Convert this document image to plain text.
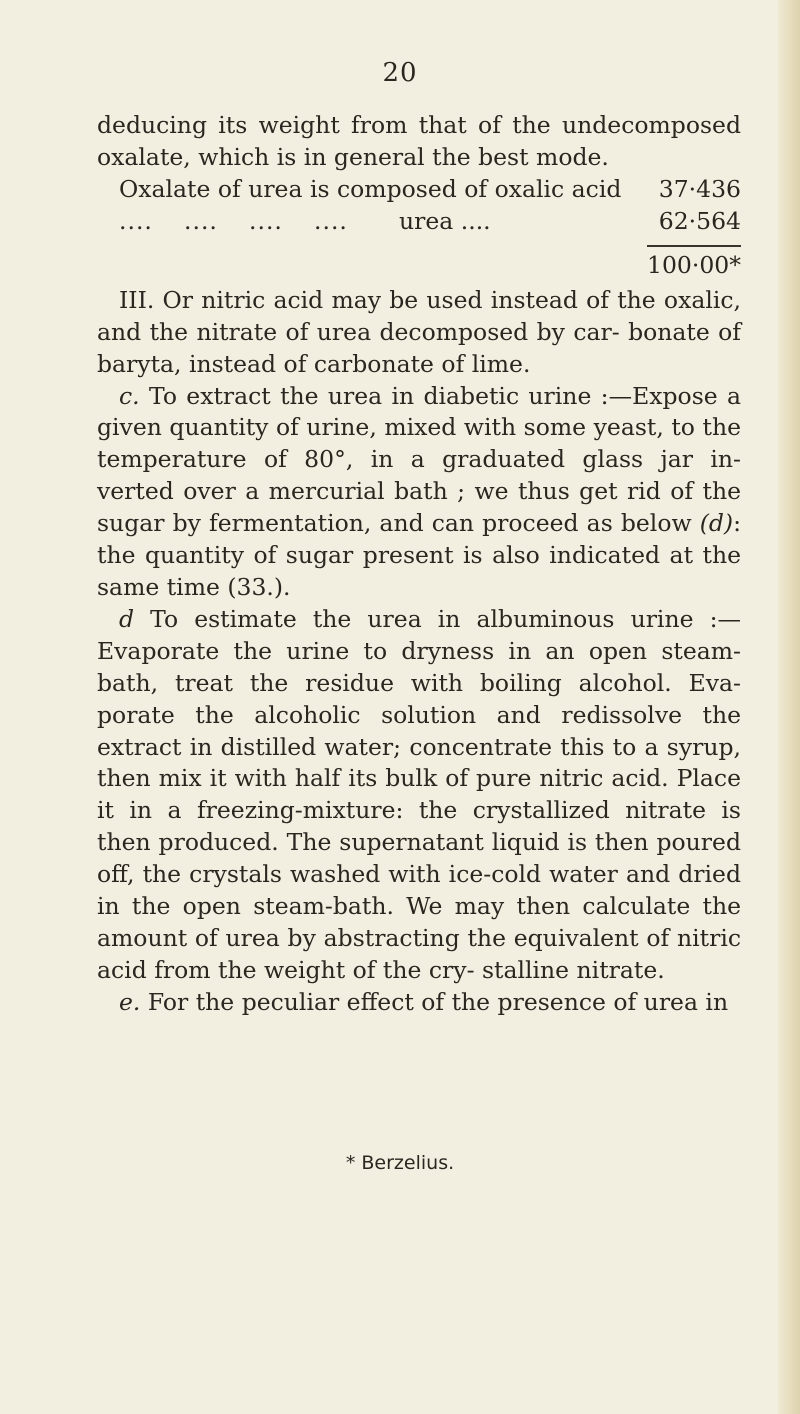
20
deducing its weight from that of the undecomposed oxalate, which is in general the best mode.
Oxalate of urea is composed of oxalic acid 37·436
.... .... .... ....	urea ....	62·564
100·00*
III. Or nitric acid may be used instead of the oxalic, and the nitrate of urea decomposed by car- bonate of baryta, instead of carbonate of lime.
c. To extract the urea in diabetic urine :—Expose a given quantity of urine, mixed with some yeast, to the temperature of 80°, in a graduated glass jar in- verted over a mercurial bath ; we thus get rid of the sugar by fermentation, and can proceed as below (d): the quantity of sugar present is also indicated at the same time (33.).
d To estimate the urea in albuminous urine :— Evaporate the urine to dryness in an open steam- bath, treat the residue with boiling alcohol. Eva- porate the alcoholic solution and redissolve the extract in distilled water; concentrate this to a syrup, then mix it with half its bulk of pure nitric acid. Place it in a freezing-mixture: the crystallized nitrate is then produced. The supernatant liquid is then poured off, the crystals washed with ice-cold water and dried in the open steam-bath. We may then calculate the amount of urea by abstracting the equivalent of nitric acid from the weight of the cry- stalline nitrate.
e. For the peculiar effect of the presence of urea in
* Berzelius.
